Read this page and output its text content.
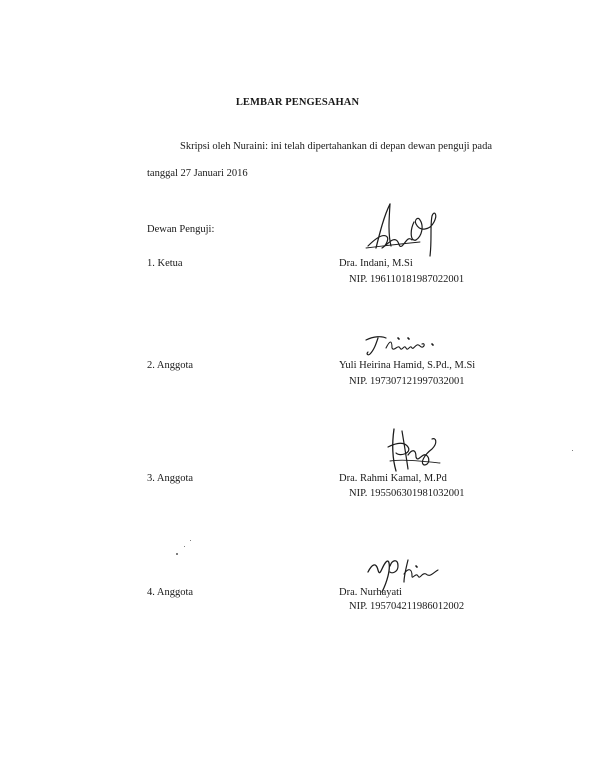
LEMBAR PENGESAHAN
Skripsi oleh Nuraini: ini telah dipertahankan di depan dewan penguji pada
tanggal 27 Januari 2016
Dewan Penguji:
1. Ketua	Dra. Indani, M.Si
NIP. 196110181987022001
2. Anggota	Yuli Heirina Hamid, S.Pd., M.Si
NIP. 197307121997032001
3. Anggota	Dra. Rahmi Kamal, M.Pd
NIP. 195506301981032001
4. Anggota	Dra. Nurhayati
NIP. 195704211986012002
